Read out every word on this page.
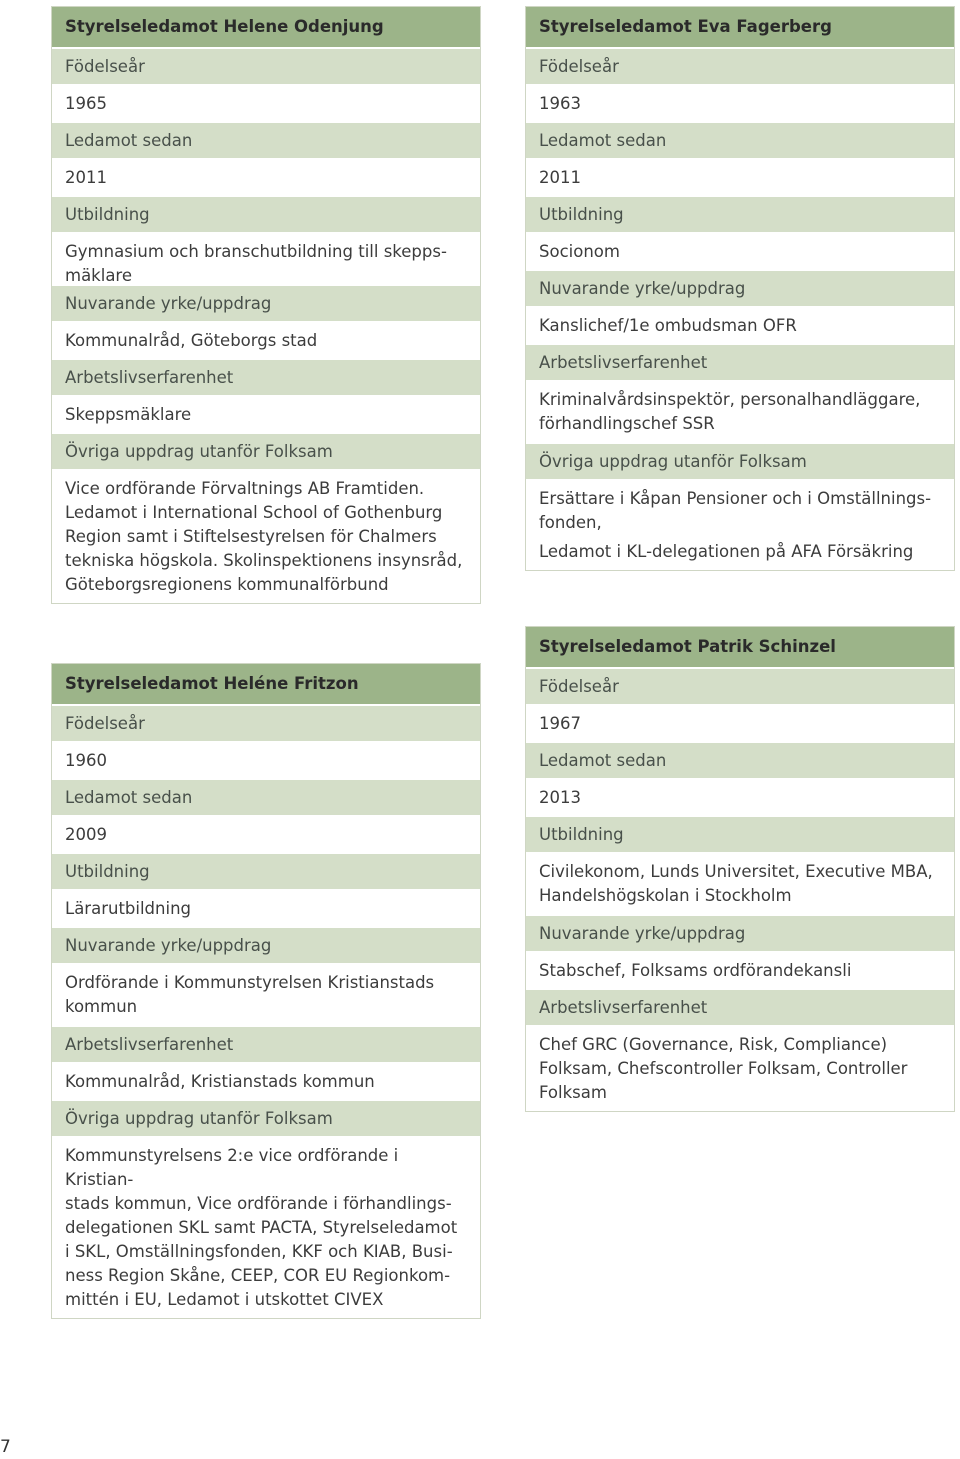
Styrelseledamot Helene Odenjung
Födelseår
1965
Ledamot sedan
2011
Utbildning
Gymnasium och branschutbildning till skepps-
mäklare
Nuvarande yrke/uppdrag
Kommunalråd, Göteborgs stad
Arbetslivserfarenhet
Skeppsmäklare
Övriga uppdrag utanför Folksam
Vice ordförande Förvaltnings AB Framtiden.
Ledamot i International School of Gothenburg
Region samt i Stiftelsestyrelsen för Chalmers
tekniska högskola. Skolinspektionens insynsråd,
Göteborgsregionens kommunalförbund
Styrelseledamot Eva Fagerberg
Födelseår
1963
Ledamot sedan
2011
Utbildning
Socionom
Nuvarande yrke/uppdrag
Kanslichef/1e ombudsman OFR
Arbetslivserfarenhet
Kriminalvårdsinspektör, personalhandläggare,
förhandlingschef SSR
Övriga uppdrag utanför Folksam
Ersättare i Kåpan Pensioner och i Omställnings-
fonden,
Ledamot i KL-delegationen på AFA Försäkring
Styrelseledamot Heléne Fritzon
Födelseår
1960
Ledamot sedan
2009
Utbildning
Lärarutbildning
Nuvarande yrke/uppdrag
Ordförande i Kommunstyrelsen Kristianstads
kommun
Arbetslivserfarenhet
Kommunalråd, Kristianstads kommun
Övriga uppdrag utanför Folksam
Kommunstyrelsens 2:e vice ordförande i Kristian-
stads kommun, Vice ordförande i förhandlings-
delegationen SKL samt PACTA, Styrelseledamot
i SKL, Omställningsfonden, KKF och KIAB, Busi-
ness Region Skåne, CEEP, COR EU Regionkom-
mittén i EU, Ledamot i utskottet CIVEX
Styrelseledamot Patrik Schinzel
Födelseår
1967
Ledamot sedan
2013
Utbildning
Civilekonom, Lunds Universitet, Executive MBA,
Handelshögskolan i Stockholm
Nuvarande yrke/uppdrag
Stabschef, Folksams ordförandekansli
Arbetslivserfarenhet
Chef GRC (Governance, Risk, Compliance)
Folksam, Chefscontroller Folksam, Controller
Folksam
7
